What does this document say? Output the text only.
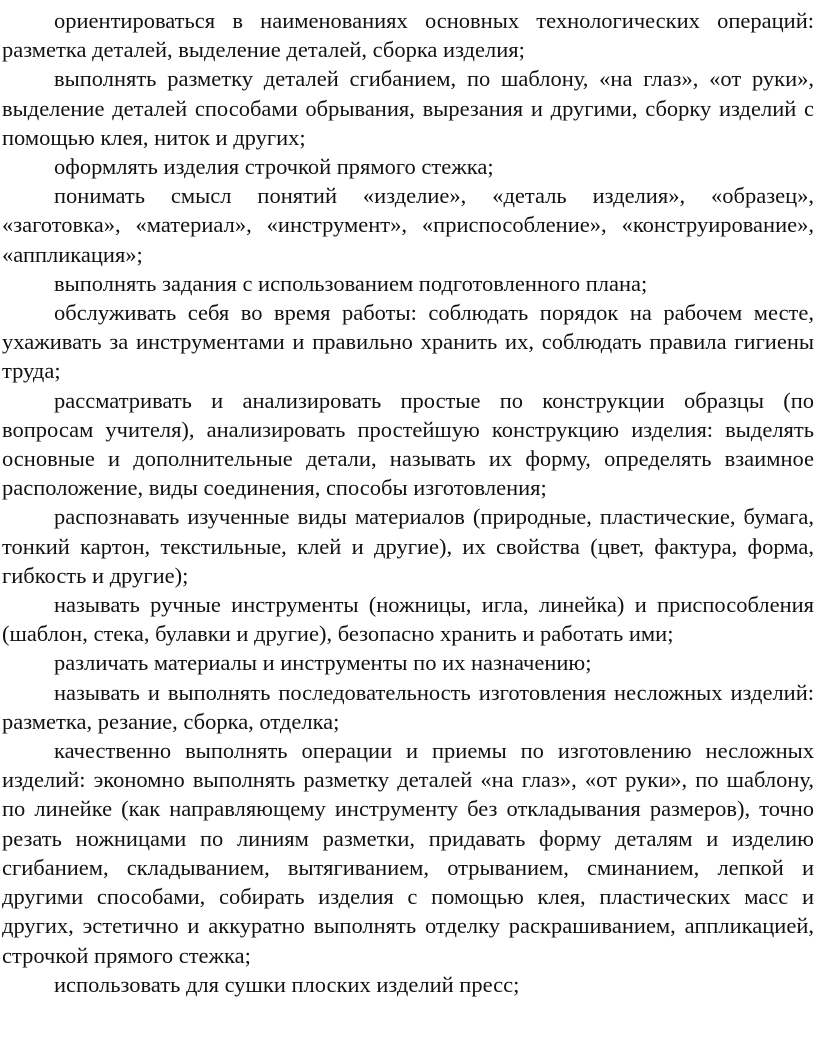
ориентироваться в наименованиях основных технологических операций: разметка деталей, выделение деталей, сборка изделия;

выполнять разметку деталей сгибанием, по шаблону, «на глаз», «от руки», выделение деталей способами обрывания, вырезания и другими, сборку изделий с помощью клея, ниток и других;

оформлять изделия строчкой прямого стежка;

понимать смысл понятий «изделие», «деталь изделия», «образец», «заготовка», «материал», «инструмент», «приспособление», «конструирование», «аппликация»;

выполнять задания с использованием подготовленного плана;

обслуживать себя во время работы: соблюдать порядок на рабочем месте, ухаживать за инструментами и правильно хранить их, соблюдать правила гигиены труда;

рассматривать и анализировать простые по конструкции образцы (по вопросам учителя), анализировать простейшую конструкцию изделия: выделять основные и дополнительные детали, называть их форму, определять взаимное расположение, виды соединения, способы изготовления;

распознавать изученные виды материалов (природные, пластические, бумага, тонкий картон, текстильные, клей и другие), их свойства (цвет, фактура, форма, гибкость и другие);

называть ручные инструменты (ножницы, игла, линейка) и приспособления (шаблон, стека, булавки и другие), безопасно хранить и работать ими;

различать материалы и инструменты по их назначению;

называть и выполнять последовательность изготовления несложных изделий: разметка, резание, сборка, отделка;

качественно выполнять операции и приемы по изготовлению несложных изделий: экономно выполнять разметку деталей «на глаз», «от руки», по шаблону, по линейке (как направляющему инструменту без откладывания размеров), точно резать ножницами по линиям разметки, придавать форму деталям и изделию сгибанием, складыванием, вытягиванием, отрыванием, сминанием, лепкой и другими способами, собирать изделия с помощью клея, пластических масс и других, эстетично и аккуратно выполнять отделку раскрашиванием, аппликацией, строчкой прямого стежка;

использовать для сушки плоских изделий пресс;
